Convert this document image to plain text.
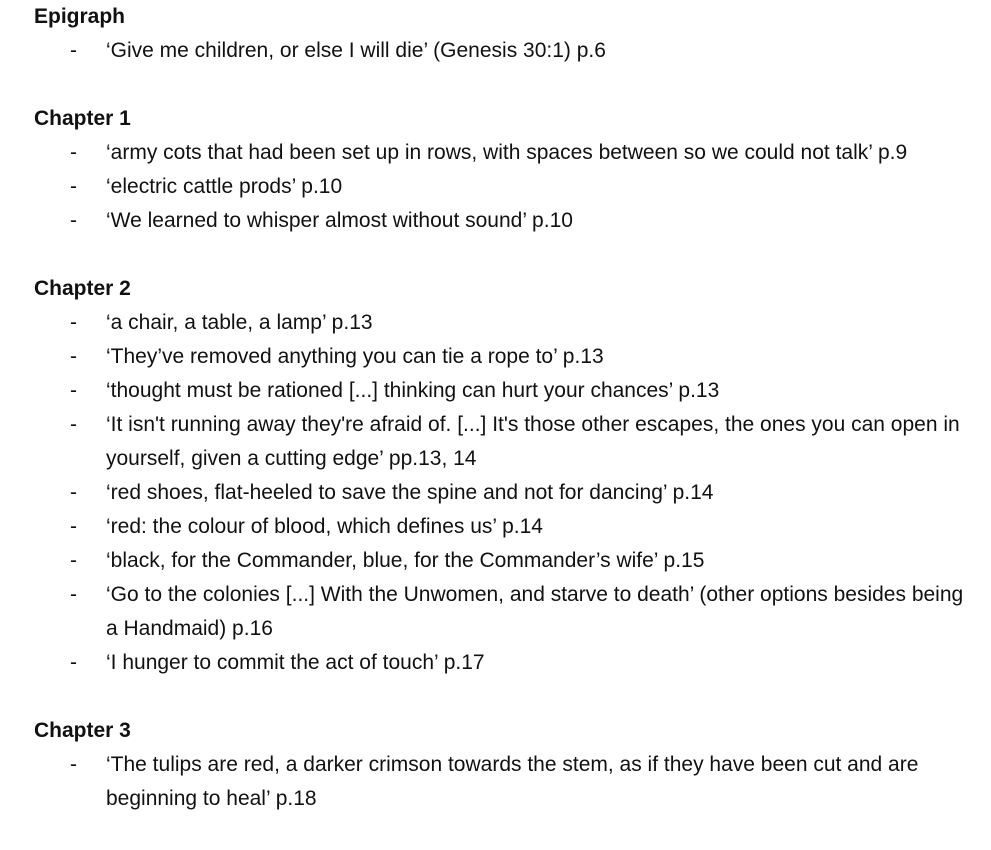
Epigraph
- ‘Give me children, or else I will die’ (Genesis 30:1) p.6
Chapter 1
- ‘army cots that had been set up in rows, with spaces between so we could not talk’ p.9
- ‘electric cattle prods’ p.10
- ‘We learned to whisper almost without sound’ p.10
Chapter 2
- ‘a chair, a table, a lamp’ p.13
- ‘They’ve removed anything you can tie a rope to’ p.13
- ‘thought must be rationed [...] thinking can hurt your chances’ p.13
- ‘It isn't running away they're afraid of. [...] It's those other escapes, the ones you can open in yourself, given a cutting edge’ pp.13, 14
- ‘red shoes, flat-heeled to save the spine and not for dancing’ p.14
- ‘red: the colour of blood, which defines us’ p.14
- ‘black, for the Commander, blue, for the Commander’s wife’ p.15
- ‘Go to the colonies [...] With the Unwomen, and starve to death’ (other options besides being a Handmaid) p.16
- ‘I hunger to commit the act of touch’ p.17
Chapter 3
- ‘The tulips are red, a darker crimson towards the stem, as if they have been cut and are beginning to heal’ p.18
